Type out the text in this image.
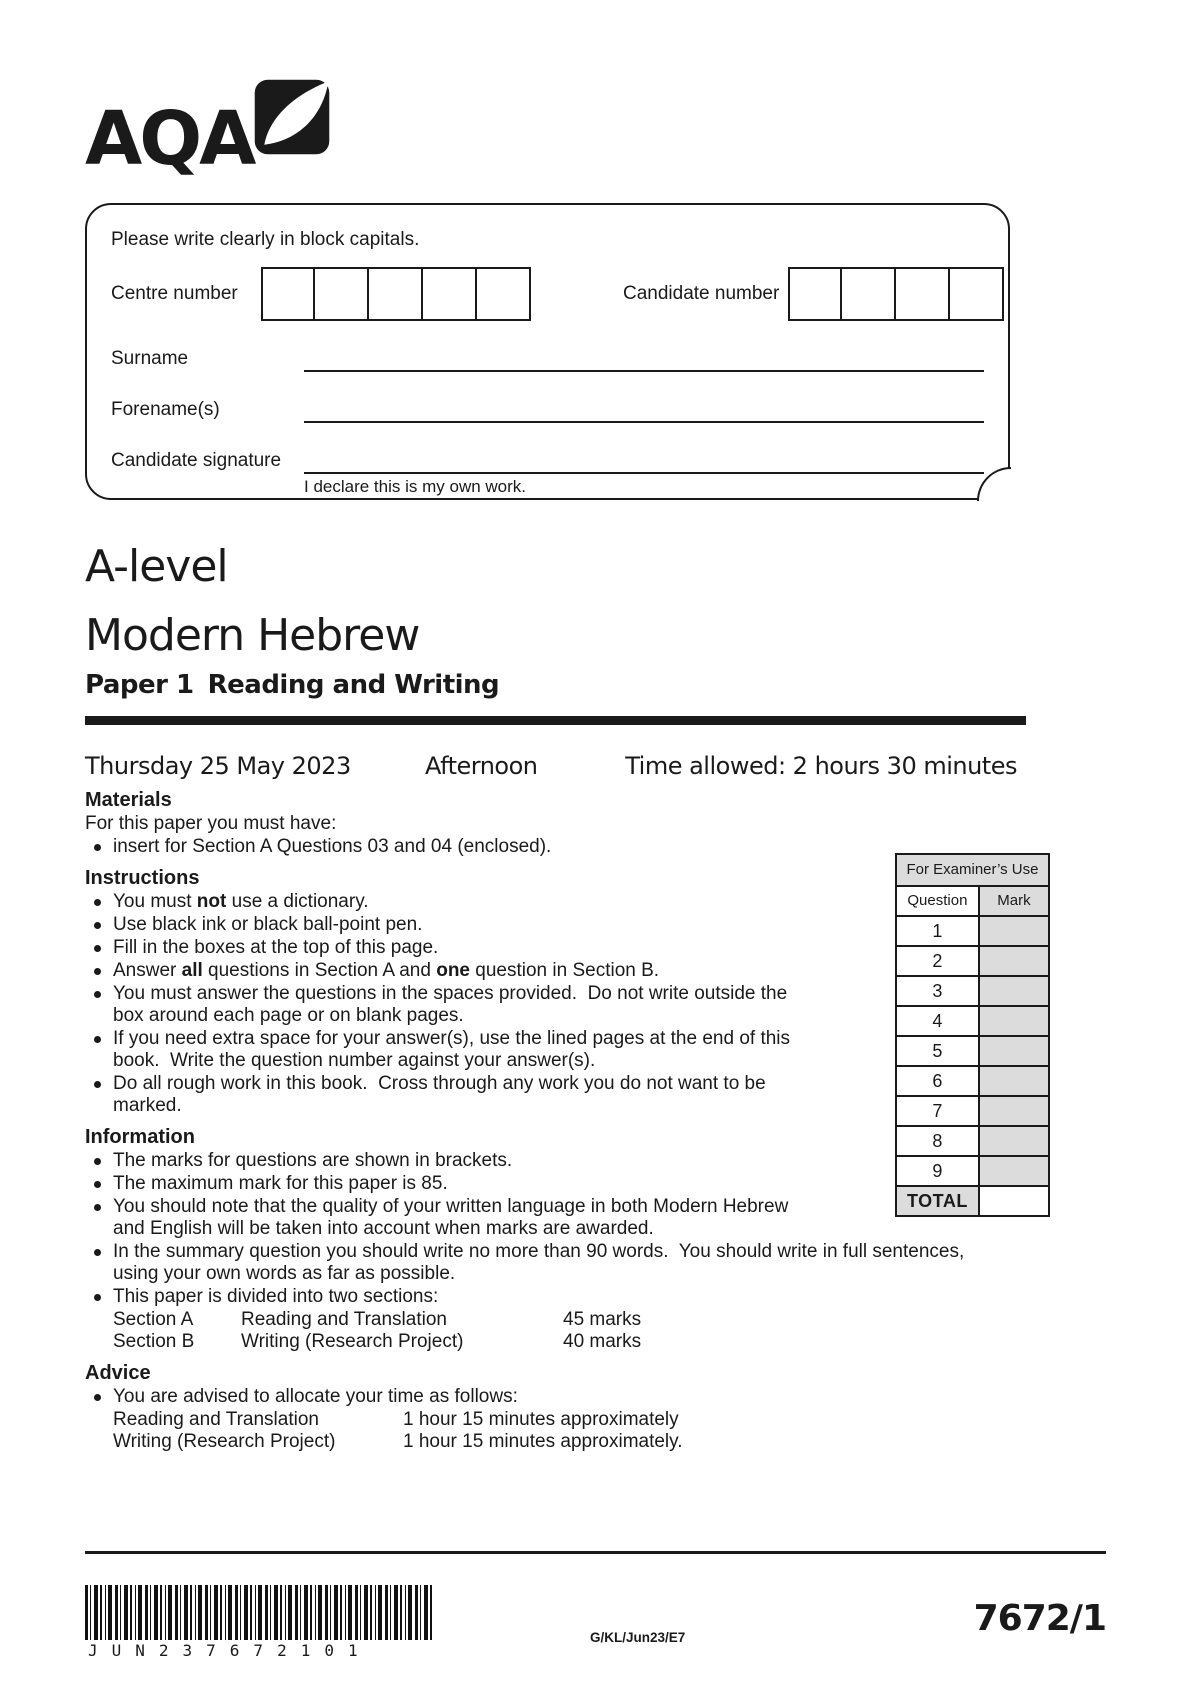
AQA
Please write clearly in block capitals.
Centre number	Candidate number
Surname
Forename(s)
Candidate signature
I declare this is my own work.
A-level
Modern Hebrew
Paper 1 Reading and Writing
Thursday 25 May 2023	Afternoon	Time allowed: 2 hours 30 minutes
Materials
For this paper you must have:
insert for Section A Questions 03 and 04 (enclosed).
Instructions
You must not use a dictionary.
Use black ink or black ball-point pen.
Fill in the boxes at the top of this page.
Answer all questions in Section A and one question in Section B.
You must answer the questions in the spaces provided.  Do not write outside the box around each page or on blank pages.
If you need extra space for your answer(s), use the lined pages at the end of this book.  Write the question number against your answer(s).
Do all rough work in this book.  Cross through any work you do not want to be marked.
Information
The marks for questions are shown in brackets.
The maximum mark for this paper is 85.
You should note that the quality of your written language in both Modern Hebrew and English will be taken into account when marks are awarded.
In the summary question you should write no more than 90 words.  You should write in full sentences, using your own words as far as possible.
This paper is divided into two sections:
Section A	Reading and Translation	45 marks
Section B	Writing (Research Project)	40 marks
Advice
You are advised to allocate your time as follows:
Reading and Translation	1 hour 15 minutes approximately
Writing (Research Project)	1 hour 15 minutes approximately.
For Examiner’s Use	
Question	Mark
1	
2	
3	
4	
5	
6	
7	
8	
9	
TOTAL	
JUN237672101
G/KL/Jun23/E7	7672/1
